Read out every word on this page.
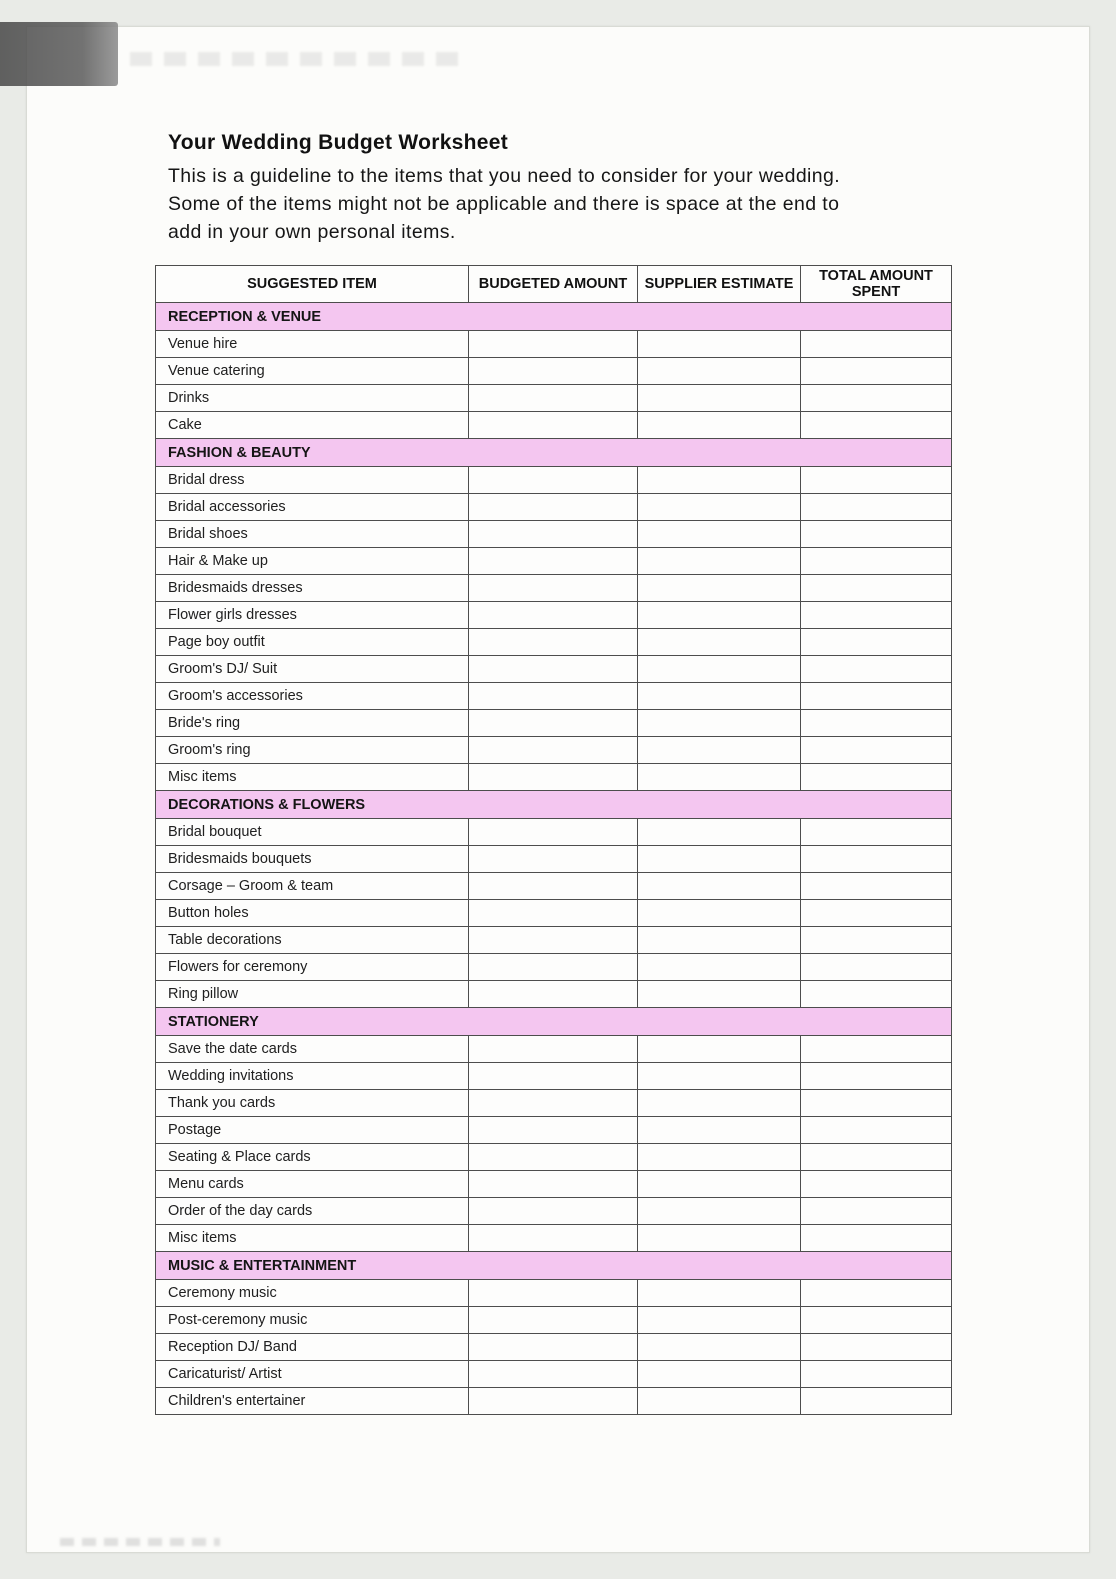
Your Wedding Budget Worksheet
This is a guideline to the items that you need to consider for your wedding.
Some of the items might not be applicable and there is space at the end to
add in your own personal items.
SUGGESTED ITEM	BUDGETED AMOUNT	SUPPLIER ESTIMATE	TOTAL AMOUNT SPENT
RECEPTION & VENUE			
Venue hire			
Venue catering			
Drinks			
Cake			
FASHION & BEAUTY			
Bridal dress			
Bridal accessories			
Bridal shoes			
Hair & Make up			
Bridesmaids dresses			
Flower girls dresses			
Page boy outfit			
Groom's DJ/ Suit			
Groom's accessories			
Bride's ring			
Groom's ring			
Misc items			
DECORATIONS & FLOWERS			
Bridal bouquet			
Bridesmaids bouquets			
Corsage – Groom & team			
Button holes			
Table decorations			
Flowers for ceremony			
Ring pillow			
STATIONERY			
Save the date cards			
Wedding invitations			
Thank you cards			
Postage			
Seating & Place cards			
Menu cards			
Order of the day cards			
Misc items			
MUSIC & ENTERTAINMENT			
Ceremony music			
Post-ceremony music			
Reception DJ/ Band			
Caricaturist/ Artist			
Children's entertainer			
